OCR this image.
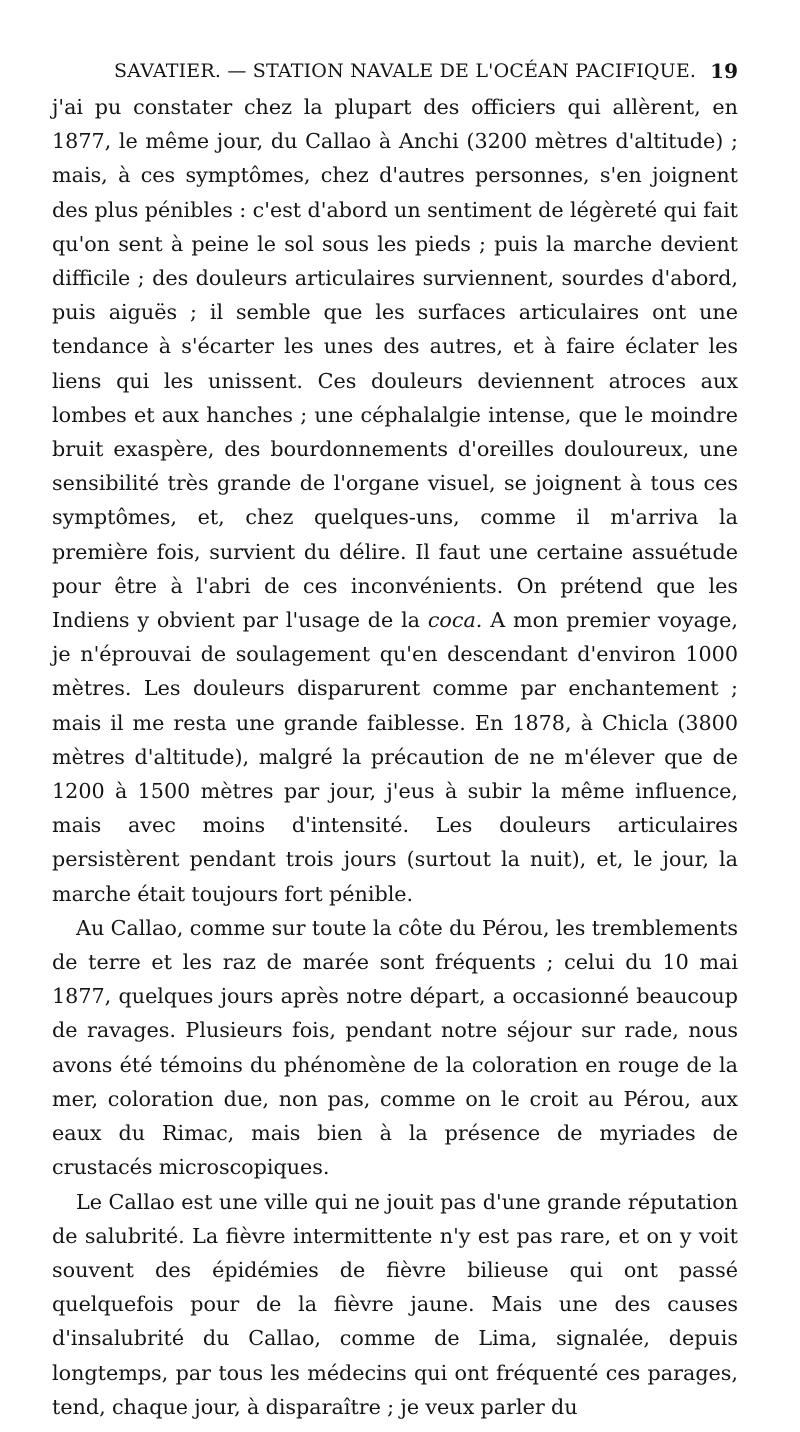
SAVATIER. — STATION NAVALE DE L'OCÉAN PACIFIQUE. 19

j'ai pu constater chez la plupart des officiers qui allèrent, en 1877, le même jour, du Callao à Anchi (3200 mètres d'altitude) ; mais, à ces symptômes, chez d'autres personnes, s'en joignent des plus pénibles : c'est d'abord un sentiment de légèreté qui fait qu'on sent à peine le sol sous les pieds ; puis la marche devient difficile ; des douleurs articulaires surviennent, sourdes d'abord, puis aiguës ; il semble que les surfaces articulaires ont une tendance à s'écarter les unes des autres, et à faire éclater les liens qui les unissent. Ces douleurs deviennent atroces aux lombes et aux hanches ; une céphalalgie intense, que le moindre bruit exaspère, des bourdonnements d'oreilles douloureux, une sensibilité très grande de l'organe visuel, se joignent à tous ces symptômes, et, chez quelques-uns, comme il m'arriva la première fois, survient du délire. Il faut une certaine assuétude pour être à l'abri de ces inconvénients. On prétend que les Indiens y obvient par l'usage de la coca. A mon premier voyage, je n'éprouvai de soulagement qu'en descendant d'environ 1000 mètres. Les douleurs disparurent comme par enchantement ; mais il me resta une grande faiblesse. En 1878, à Chicla (3800 mètres d'altitude), malgré la précaution de ne m'élever que de 1200 à 1500 mètres par jour, j'eus à subir la même influence, mais avec moins d'intensité. Les douleurs articulaires persistèrent pendant trois jours (surtout la nuit), et, le jour, la marche était toujours fort pénible.

Au Callao, comme sur toute la côte du Pérou, les tremblements de terre et les raz de marée sont fréquents ; celui du 10 mai 1877, quelques jours après notre départ, a occasionné beaucoup de ravages. Plusieurs fois, pendant notre séjour sur rade, nous avons été témoins du phénomène de la coloration en rouge de la mer, coloration due, non pas, comme on le croit au Pérou, aux eaux du Rimac, mais bien à la présence de myriades de crustacés microscopiques.

Le Callao est une ville qui ne jouit pas d'une grande réputation de salubrité. La fièvre intermittente n'y est pas rare, et on y voit souvent des épidémies de fièvre bilieuse qui ont passé quelquefois pour de la fièvre jaune. Mais une des causes d'insalubrité du Callao, comme de Lima, signalée, depuis longtemps, par tous les médecins qui ont fréquenté ces parages, tend, chaque jour, à disparaître ; je veux parler du
